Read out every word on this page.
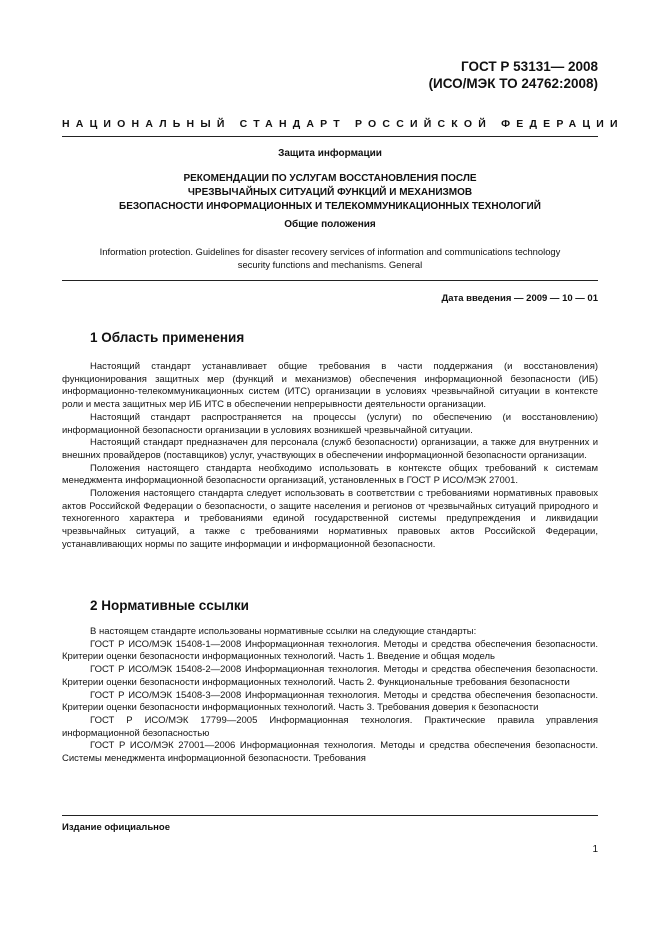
ГОСТ Р 53131— 2008
(ИСО/МЭК ТО 24762:2008)
НАЦИОНАЛЬНЫЙ СТАНДАРТ РОССИЙСКОЙ ФЕДЕРАЦИИ
Защита информации
РЕКОМЕНДАЦИИ ПО УСЛУГАМ ВОССТАНОВЛЕНИЯ ПОСЛЕ
ЧРЕЗВЫЧАЙНЫХ СИТУАЦИЙ ФУНКЦИЙ И МЕХАНИЗМОВ
БЕЗОПАСНОСТИ ИНФОРМАЦИОННЫХ И ТЕЛЕКОММУНИКАЦИОННЫХ ТЕХНОЛОГИЙ
Общие положения
Information protection. Guidelines for disaster recovery services of information and communications technology
security functions and mechanisms. General
Дата введения — 2009 — 10 — 01
1 Область применения

Настоящий стандарт устанавливает общие требования в части поддержания (и восстановления) функционирования защитных мер (функций и механизмов) обеспечения информационной безопасности (ИБ) информационно-телекоммуникационных систем (ИТС) организации в условиях чрезвычайной ситуации в контексте роли и места защитных мер ИБ ИТС в обеспечении непрерывности деятельности организации.

Настоящий стандарт распространяется на процессы (услуги) по обеспечению (и восстановлению) информационной безопасности организации в условиях возникшей чрезвычайной ситуации.

Настоящий стандарт предназначен для персонала (служб безопасности) организации, а также для внутренних и внешних провайдеров (поставщиков) услуг, участвующих в обеспечении информационной безопасности организации.

Положения настоящего стандарта необходимо использовать в контексте общих требований к системам менеджмента информационной безопасности организаций, установленных в ГОСТ Р ИСО/МЭК 27001.

Положения настоящего стандарта следует использовать в соответствии с требованиями нормативных правовых актов Российской Федерации о безопасности, о защите населения и регионов от чрезвычайных ситуаций природного и техногенного характера и требованиями единой государственной системы предупреждения и ликвидации чрезвычайных ситуаций, а также с требованиями нормативных правовых актов Российской Федерации, устанавливающих нормы по защите информации и информационной безопасности.

2 Нормативные ссылки

В настоящем стандарте использованы нормативные ссылки на следующие стандарты:

ГОСТ Р ИСО/МЭК 15408-1—2008 Информационная технология. Методы и средства обеспечения безопасности. Критерии оценки безопасности информационных технологий. Часть 1. Введение и общая модель

ГОСТ Р ИСО/МЭК 15408-2—2008 Информационная технология. Методы и средства обеспечения безопасности. Критерии оценки безопасности информационных технологий. Часть 2. Функциональные требования безопасности

ГОСТ Р ИСО/МЭК 15408-3—2008 Информационная технология. Методы и средства обеспечения безопасности. Критерии оценки безопасности информационных технологий. Часть 3. Требования доверия к безопасности

ГОСТ Р ИСО/МЭК 17799—2005 Информационная технология. Практические правила управления информационной безопасностью

ГОСТ Р ИСО/МЭК 27001—2006 Информационная технология. Методы и средства обеспечения безопасности. Системы менеджмента информационной безопасности. Требования

Издание официальное
1
